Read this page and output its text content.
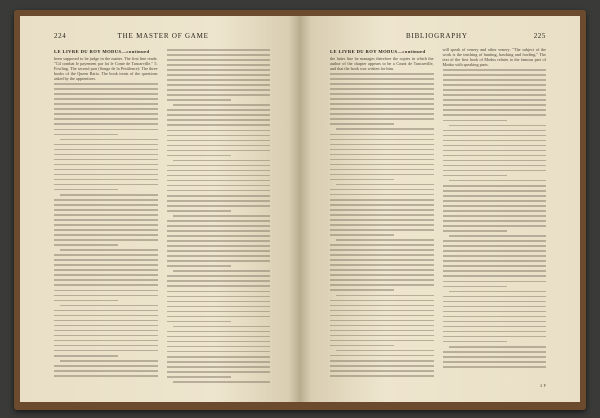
224	THE MASTER OF GAME
LE LIVRE DU ROY MODUS—continued

been supposed to be judge in the matter. The first line reads: "Cil combat le payement par loi le Conte de Tancarville." 5. Fowling. The second part (Songe de la Pestilence): The three books of the Queen Ratio. The book treats of the questions asked by the apprentices.

BIBLIOGRAPHY	225
LE LIVRE DU ROY MODUS—continued

the latter line he manages therefore the copies in which the author of the chapter appears to be a Count de Tancarville, and that the book was written for him.

will speak of venery and other venery: "The subject of the work is the teaching of hunting, hawking and fowling." The text of the first book of Modus relates to the famous part of Modus with speaking parts.

2 F
